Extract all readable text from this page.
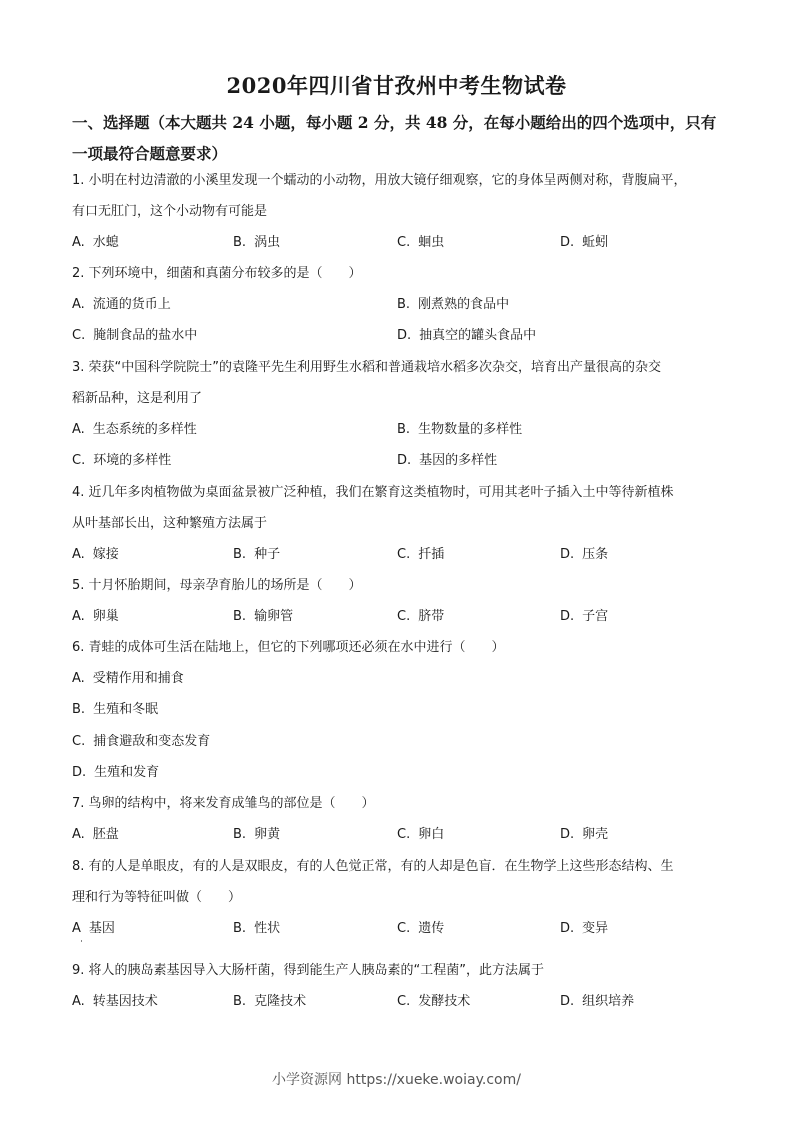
2020年四川省甘孜州中考生物试卷
一、选择题（本大题共 24 小题，每小题 2 分，共 48 分，在每小题给出的四个选项中，只有
一项最符合题意要求）
1. 小明在村边清澈的小溪里发现一个蠕动的小动物，用放大镜仔细观察，它的身体呈两侧对称，背腹扁平，
有口无肛门，这个小动物有可能是
A. 水螅	B. 涡虫	C. 蛔虫	D. 蚯蚓
2. 下列环境中，细菌和真菌分布较多的是（　　）
A. 流通的货币上	B. 刚煮熟的食品中
C. 腌制食品的盐水中	D. 抽真空的罐头食品中
3. 荣获“中国科学院院士”的袁隆平先生利用野生水稻和普通栽培水稻多次杂交，培育出产量很高的杂交
稻新品种，这是利用了
A. 生态系统的多样性	B. 生物数量的多样性
C. 环境的多样性	D. 基因的多样性
4. 近几年多肉植物做为桌面盆景被广泛种植，我们在繁育这类植物时，可用其老叶子插入土中等待新植株
从叶基部长出，这种繁殖方法属于
A. 嫁接	B. 种子	C. 扦插	D. 压条
5. 十月怀胎期间，母亲孕育胎儿的场所是（　　）
A. 卵巢	B. 输卵管	C. 脐带	D. 子宫
6. 青蛙的成体可生活在陆地上，但它的下列哪项还必须在水中进行（　　）
A. 受精作用和捕食
B. 生殖和冬眠
C. 捕食避敌和变态发育
D. 生殖和发育
7. 鸟卵的结构中，将来发育成雏鸟的部位是（　　）
A. 胚盘	B. 卵黄	C. 卵白	D. 卵壳
8. 有的人是单眼皮，有的人是双眼皮，有的人色觉正常，有的人却是色盲．在生物学上这些形态结构、生
理和行为等特征叫做（　　）
A 基因	B. 性状	C. 遗传	D. 变异
9. 将人的胰岛素基因导入大肠杆菌，得到能生产人胰岛素的“工程菌”，此方法属于
A. 转基因技术	B. 克隆技术	C. 发酵技术	D. 组织培养
小学资源网 https://xueke.woiay.com/
